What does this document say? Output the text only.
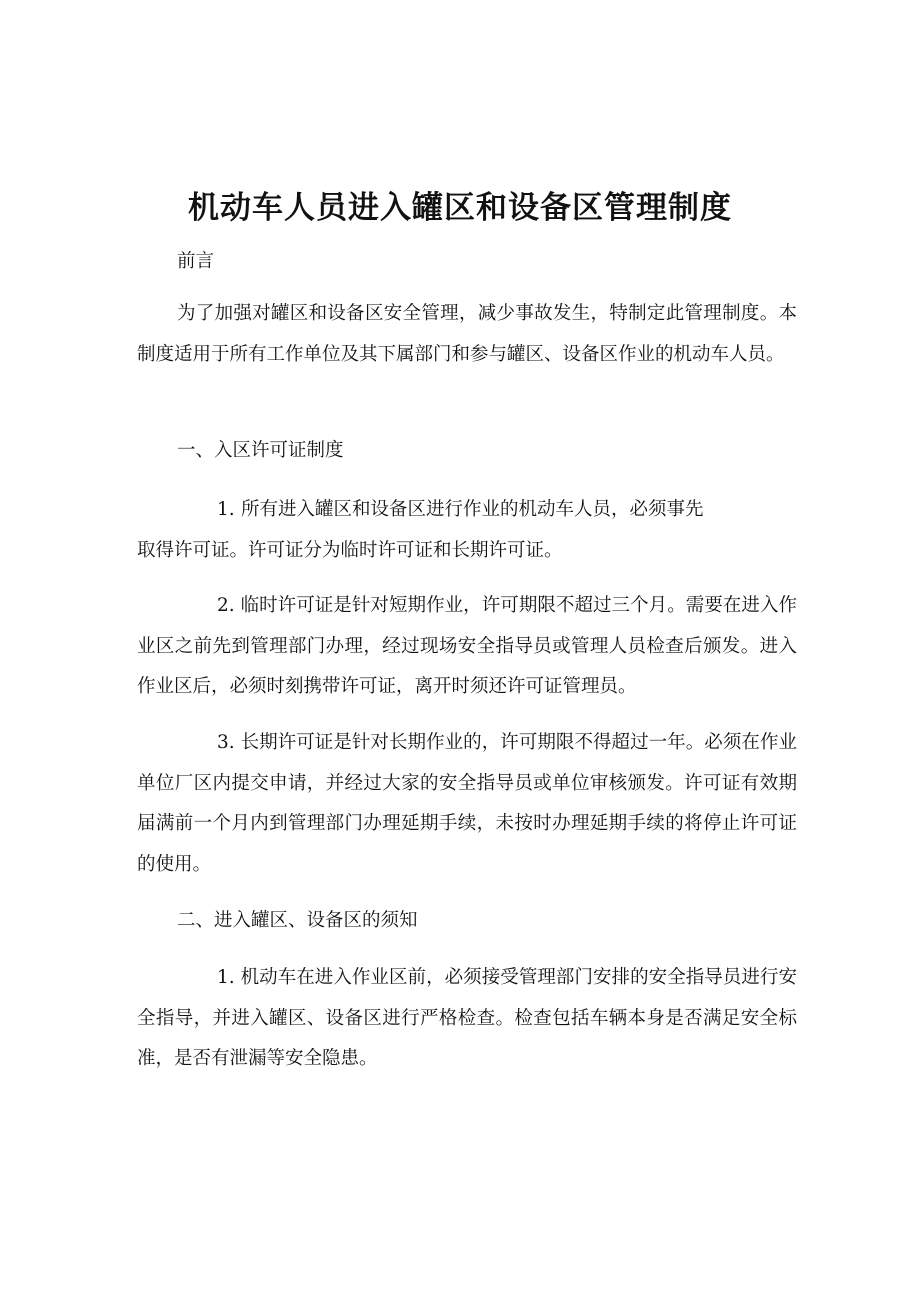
机动车人员进入罐区和设备区管理制度

前言

为了加强对罐区和设备区安全管理，减少事故发生，特制定此管理制度。本制度适用于所有工作单位及其下属部门和参与罐区、设备区作业的机动车人员。

一、入区许可证制度

1. 所有进入罐区和设备区进行作业的机动车人员，必须事先
取得许可证。许可证分为临时许可证和长期许可证。

2. 临时许可证是针对短期作业，许可期限不超过三个月。需要在进入作业区之前先到管理部门办理，经过现场安全指导员或管理人员检查后颁发。进入作业区后，必须时刻携带许可证，离开时须还许可证管理员。

3. 长期许可证是针对长期作业的，许可期限不得超过一年。必须在作业单位厂区内提交申请，并经过大家的安全指导员或单位审核颁发。许可证有效期届满前一个月内到管理部门办理延期手续，未按时办理延期手续的将停止许可证的使用。

二、进入罐区、设备区的须知

1. 机动车在进入作业区前，必须接受管理部门安排的安全指导员进行安全指导，并进入罐区、设备区进行严格检查。检查包括车辆本身是否满足安全标准，是否有泄漏等安全隐患。
